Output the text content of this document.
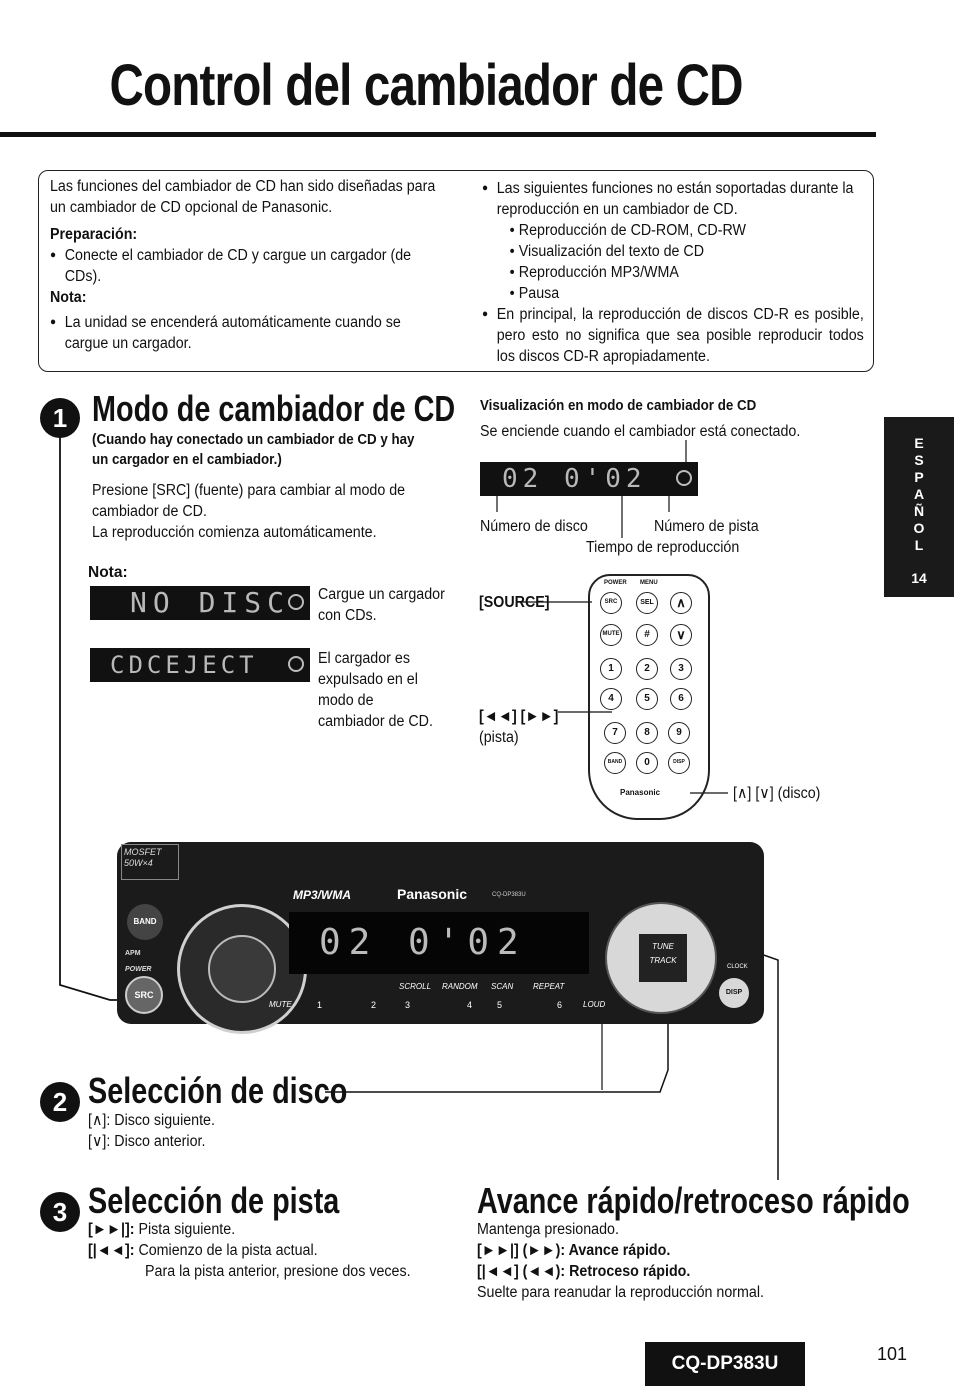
Control del cambiador de CD
Las funciones del cambiador de CD han sido diseñadas para un cambiador de CD opcional de Panasonic.
Preparación:
● Conecte el cambiador de CD y cargue un cargador (de CDs).
Nota:
● La unidad se encenderá automáticamente cuando se cargue un cargador.
● Las siguientes funciones no están soportadas durante la reproducción en un cambiador de CD.
• Reproducción de CD-ROM, CD-RW
• Visualización del texto de CD
• Reproducción MP3/WMA
• Pausa
● En principal, la reproducción de discos CD-R es posible, pero esto no significa que sea posible reproducir todos los discos CD-R apropiadamente.
1 Modo de cambiador de CD
(Cuando hay conectado un cambiador de CD y hay un cargador en el cambiador.)
Presione [SRC] (fuente) para cambiar al modo de cambiador de CD.
La reproducción comienza automáticamente.
Nota:
NO DISC	Cargue un cargador con CDs.
CDCEJECT	El cargador es expulsado en el modo de cambiador de CD.
Visualización en modo de cambiador de CD
Se enciende cuando el cambiador está conectado.
02 0'02
Número de disco	Número de pista
Tiempo de reproducción
[SOURCE]
[◄◄] [►►]
(pista)
[∧] [∨] (disco)
POWER MENU
SRC	SEL	∧
MUTE	#	∨
1	2	3
4	5	6
7	8	9
BAND	0	DISP
Panasonic
E
S
P
A
Ñ
O
L
14
MOSFET 50W×4
BAND
APM
POWER
SRC
MP3/WMA	Panasonic	CQ-DP383U
02 0'02
SCROLL RANDOM SCAN REPEAT
MUTE	1	2	3	4	5	6	LOUD
TUNE
TRACK
CLOCK
DISP
2 Selección de disco
[∧]: Disco siguiente.
[∨]: Disco anterior.
3 Selección de pista
[►►|]: Pista siguiente.
[|◄◄]: Comienzo de la pista actual.
Para la pista anterior, presione dos veces.
Avance rápido/retroceso rápido
Mantenga presionado.
[►►|] (►►): Avance rápido.
[|◄◄] (◄◄): Retroceso rápido.
Suelte para reanudar la reproducción normal.
CQ-DP383U	101
